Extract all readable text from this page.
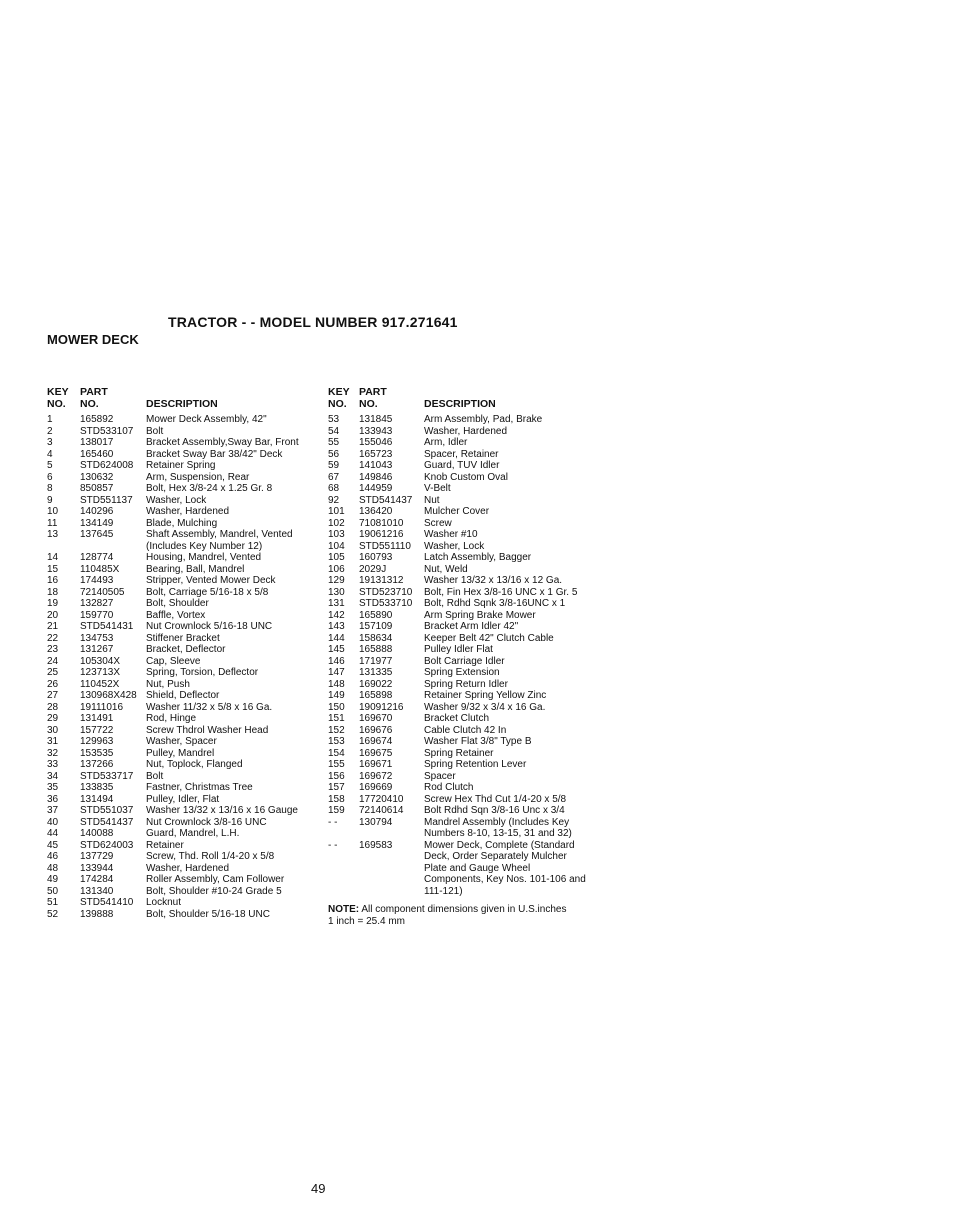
TRACTOR - - MODEL NUMBER 917.271641
MOWER DECK
KEY
NO.
PART
NO.	DESCRIPTION
1	165892	Mower Deck Assembly, 42"
2	STD533107 Bolt
3	138017	Bracket Assembly,Sway Bar, Front
4	165460	Bracket Sway Bar 38/42" Deck
5	STD624008 Retainer Spring
6	130632	Arm, Suspension, Rear
8	850857	Bolt, Hex 3/8-24 x 1.25 Gr. 8
9	STD551137 Washer, Lock
10 140296	Washer, Hardened
11 134149	Blade, Mulching
13 137645	Shaft Assembly, Mandrel, Vented (Includes Key Number 12)
14 128774	Housing, Mandrel, Vented
15 110485X	Bearing, Ball, Mandrel
16 174493	Stripper, Vented Mower Deck
18 72140505 Bolt, Carriage 5/16-18 x 5/8
19 132827	Bolt, Shoulder
20 159770	Baffle, Vortex
21 STD541431 Nut Crownlock 5/16-18 UNC
22 134753	Stiffener Bracket
23 131267	Bracket, Deflector
24 105304X	Cap, Sleeve
25 123713X	Spring, Torsion, Deflector
26 110452X	Nut, Push
27 130968X428 Shield, Deflector
28 19111016 Washer 11/32 x 5/8 x 16 Ga.
29 131491	Rod, Hinge
30 157722	Screw Thdrol Washer Head
31 129963	Washer, Spacer
32 153535	Pulley, Mandrel
33 137266	Nut, Toplock, Flanged
34 STD533717 Bolt
35 133835	Fastner, Christmas Tree
36 131494	Pulley, Idler, Flat
37 STD551037 Washer 13/32 x 13/16 x 16 Gauge
40 STD541437 Nut Crownlock 3/8-16 UNC
44 140088	Guard, Mandrel, L.H.
45 STD624003 Retainer
46 137729	Screw, Thd. Roll 1/4-20 x 5/8
48 133944	Washer, Hardened
49 174284	Roller Assembly, Cam Follower
50 131340	Bolt, Shoulder #10-24 Grade 5
51 STD541410 Locknut
52 139888	Bolt, Shoulder 5/16-18 UNC
KEY
NO.
PART
NO.	DESCRIPTION
53 131845	Arm Assembly, Pad, Brake
54 133943	Washer, Hardened
55 155046	Arm, Idler
56 165723	Spacer, Retainer
59 141043	Guard, TUV Idler
67 149846	Knob Custom Oval
68 144959	V-Belt
92 STD541437 Nut
101 136420	Mulcher Cover
102 71081010 Screw
103 19061216 Washer #10
104 STD551110 Washer, Lock
105 160793	Latch Assembly, Bagger
106 2029J	Nut, Weld
129 19131312 Washer 13/32 x 13/16 x 12 Ga.
130 STD523710 Bolt, Fin Hex 3/8-16 UNC x 1 Gr. 5
131 STD533710 Bolt, Rdhd Sqnk 3/8-16UNC x 1
142 165890	Arm Spring Brake Mower
143 157109	Bracket Arm Idler 42"
144 158634	Keeper Belt 42" Clutch Cable
145 165888	Pulley Idler Flat
146 171977	Bolt Carriage Idler
147 131335	Spring Extension
148 169022	Spring Return Idler
149 165898	Retainer Spring Yellow Zinc
150 19091216 Washer 9/32 x 3/4 x 16 Ga.
151 169670	Bracket Clutch
152 169676	Cable Clutch 42 In
153 169674	Washer Flat 3/8" Type B
154 169675	Spring Retainer
155 169671	Spring Retention Lever
156 169672	Spacer
157 169669	Rod Clutch
158 17720410 Screw Hex Thd Cut 1/4-20 x 5/8
159 72140614 Bolt Rdhd Sqn 3/8-16 Unc x 3/4
- - 130794	Mandrel Assembly (Includes Key Numbers 8-10, 13-15, 31 and 32)
- - 169583	Mower Deck, Complete (Standard Deck, Order Separately Mulcher Plate and Gauge Wheel Components, Key Nos. 101-106 and 111-121)
NOTE: All component dimensions given in U.S.inches
1 inch = 25.4 mm
49
